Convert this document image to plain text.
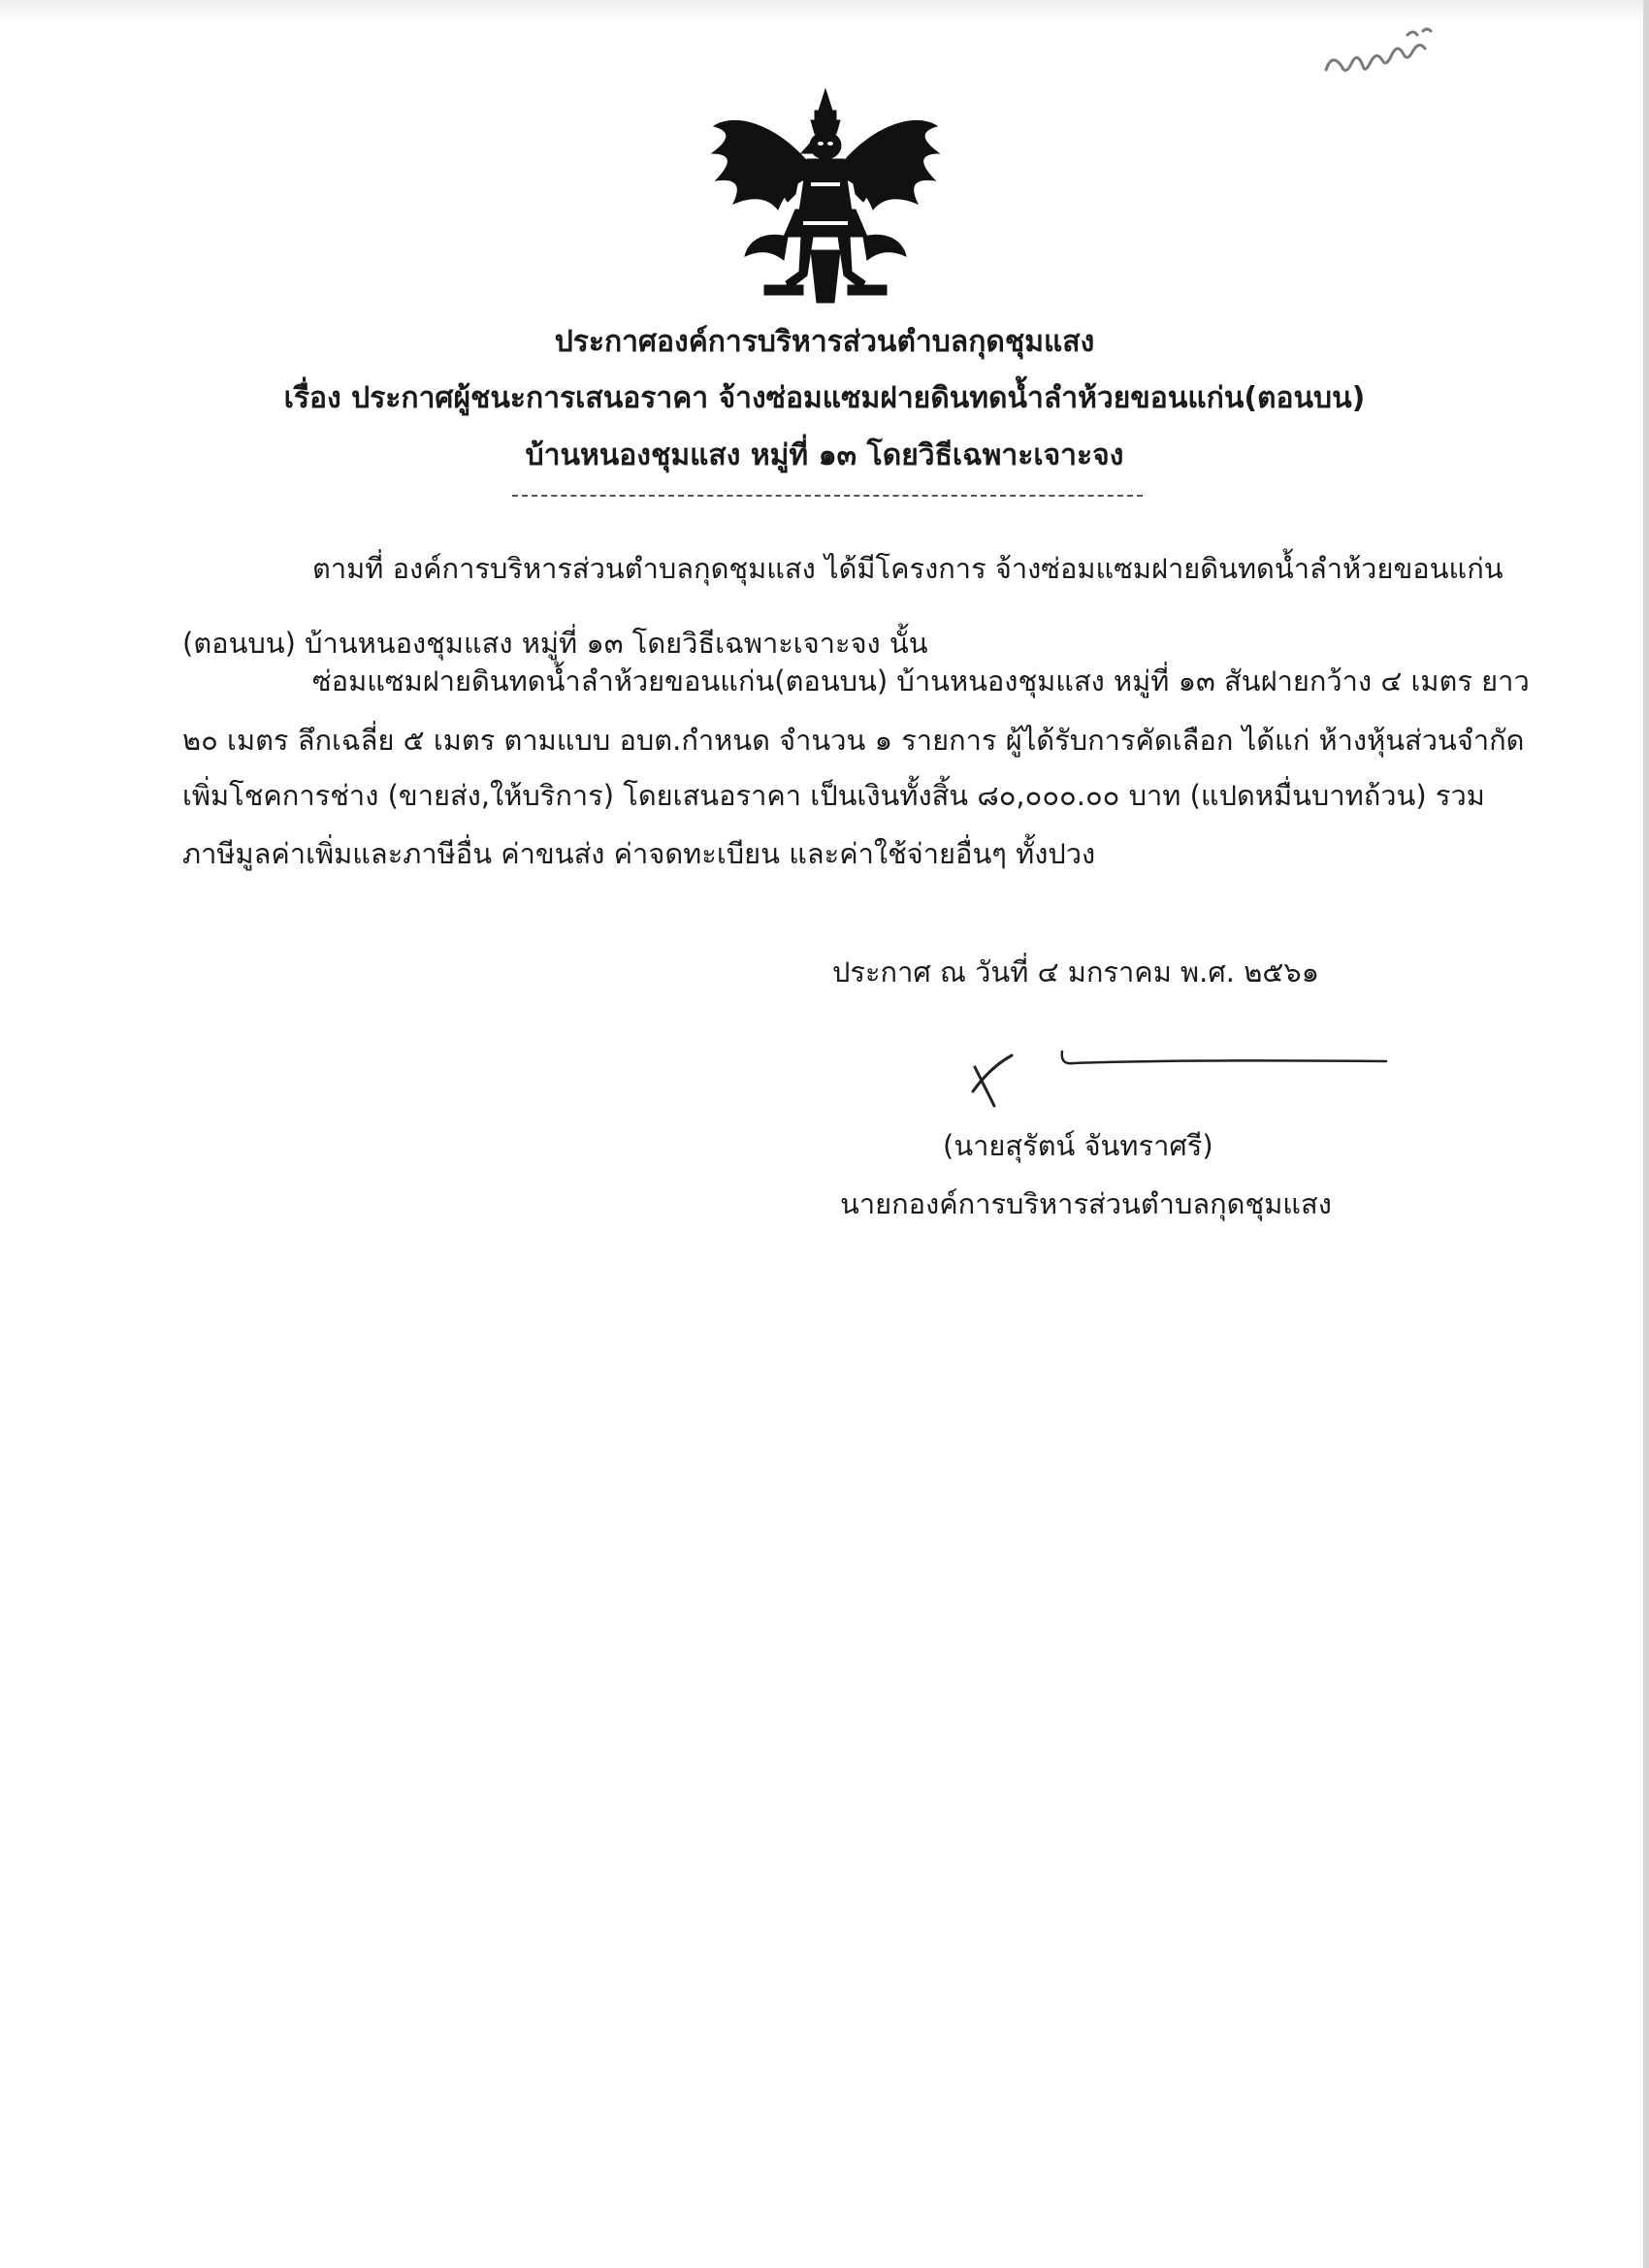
ประกาศองค์การบริหารส่วนตำบลกุดชุมแสง
เรื่อง ประกาศผู้ชนะการเสนอราคา จ้างซ่อมแซมฝายดินทดน้ำลำห้วยขอนแก่น(ตอนบน)
บ้านหนองชุมแสง หมู่ที่ ๑๓ โดยวิธีเฉพาะเจาะจง
ตามที่ องค์การบริหารส่วนตำบลกุดชุมแสง ได้มีโครงการ จ้างซ่อมแซมฝายดินทดน้ำลำห้วยขอนแก่น
(ตอนบน) บ้านหนองชุมแสง หมู่ที่ ๑๓ โดยวิธีเฉพาะเจาะจง นั้น
ซ่อมแซมฝายดินทดน้ำลำห้วยขอนแก่น(ตอนบน) บ้านหนองชุมแสง หมู่ที่ ๑๓ สันฝายกว้าง ๔ เมตร ยาว
๒๐ เมตร ลึกเฉลี่ย ๕ เมตร ตามแบบ อบต.กำหนด จำนวน ๑ รายการ ผู้ได้รับการคัดเลือก ได้แก่ ห้างหุ้นส่วนจำกัด
เพิ่มโชคการช่าง (ขายส่ง,ให้บริการ) โดยเสนอราคา เป็นเงินทั้งสิ้น ๘๐,๐๐๐.๐๐ บาท (แปดหมื่นบาทถ้วน) รวม
ภาษีมูลค่าเพิ่มและภาษีอื่น ค่าขนส่ง ค่าจดทะเบียน และค่าใช้จ่ายอื่นๆ ทั้งปวง
ประกาศ ณ วันที่ ๔ มกราคม พ.ศ. ๒๕๖๑
(นายสุรัตน์ จันทราศรี)
นายกองค์การบริหารส่วนตำบลกุดชุมแสง
